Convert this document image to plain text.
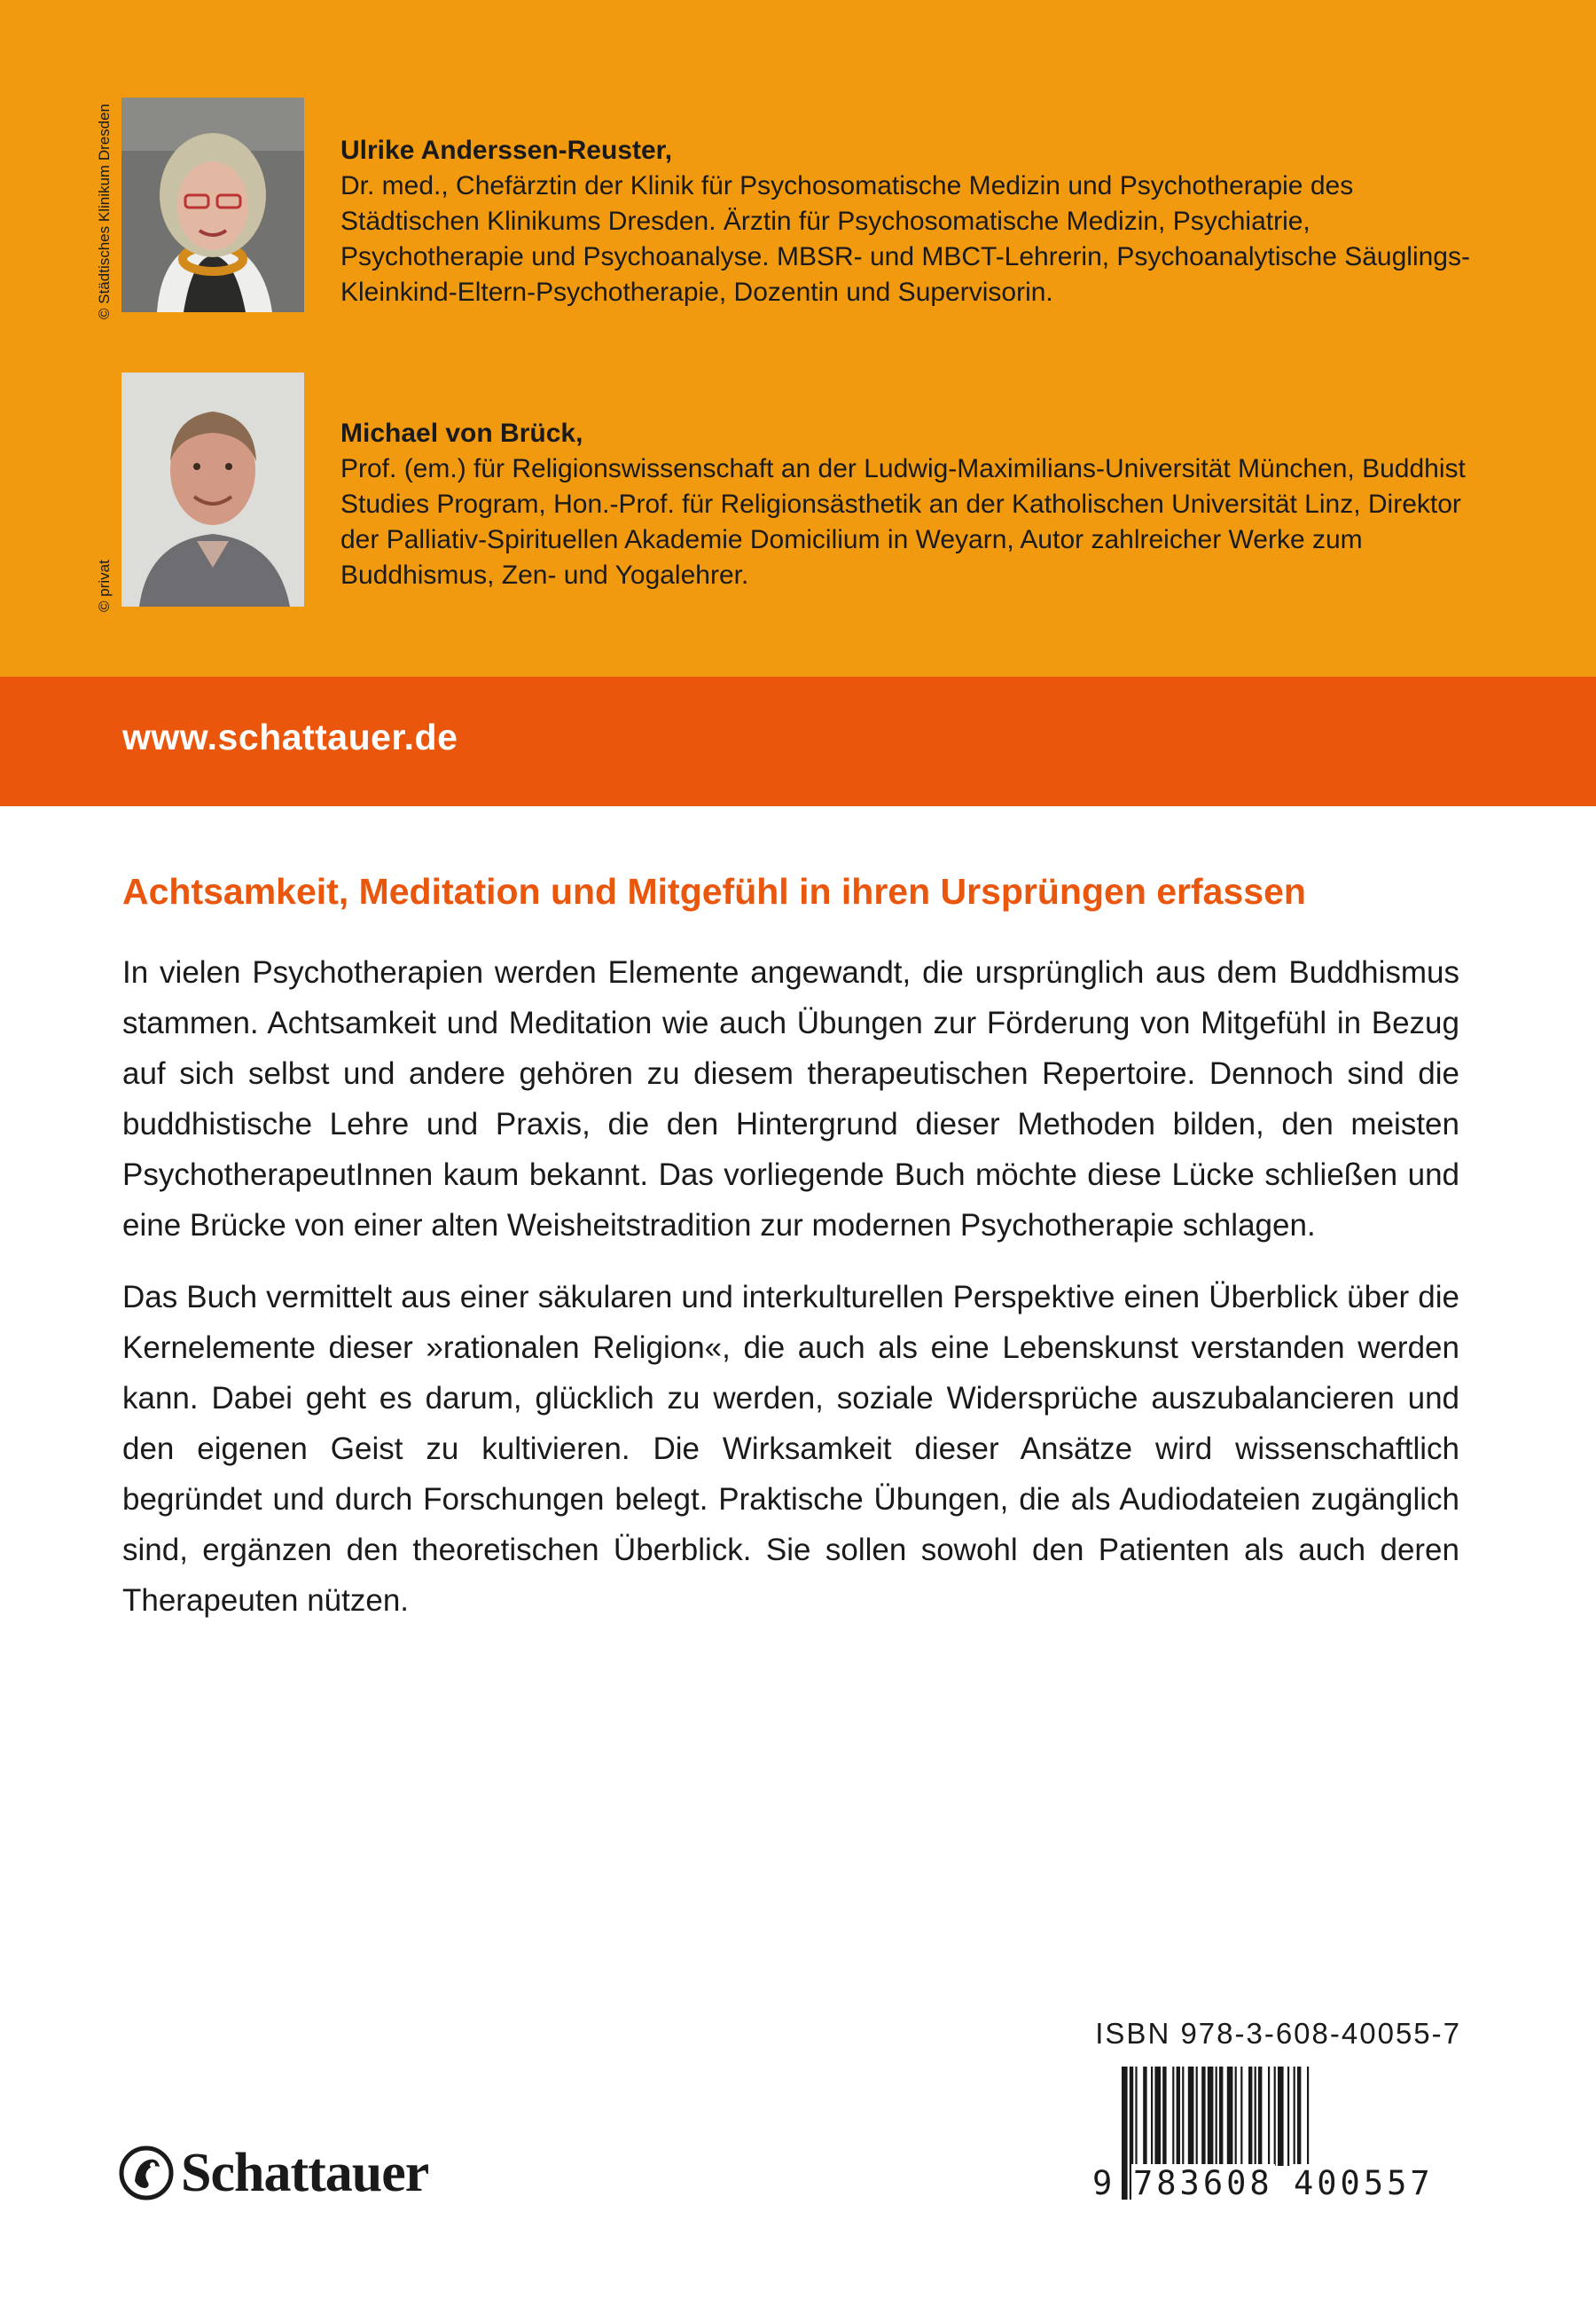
© Städtisches Klinikum Dresden	Ulrike Anderssen-Reuster,
Dr. med., Chefärztin der Klinik für Psychosomatische Medizin und Psychotherapie des Städtischen Klinikums Dresden. Ärztin für Psychosomatische Medizin, Psychiatrie, Psychotherapie und Psychoanalyse. MBSR- und MBCT-Lehrerin, Psychoanalytische Säuglings-Kleinkind-Eltern-Psychotherapie, Dozentin und Supervisorin.
© privat
Michael von Brück,
Prof. (em.) für Religionswissenschaft an der Ludwig-Maximilians-Universität München, Buddhist Studies Program, Hon.-Prof. für Religionsästhetik an der Katholischen Universität Linz, Direktor der Palliativ-Spirituellen Akademie Domicilium in Weyarn, Autor zahlreicher Werke zum Buddhismus, Zen- und Yogalehrer.
www.schattauer.de
Achtsamkeit, Meditation und Mitgefühl in ihren Ursprüngen erfassen

In vielen Psychotherapien werden Elemente angewandt, die ursprünglich aus dem Buddhismus stammen. Achtsamkeit und Meditation wie auch Übungen zur Förderung von Mitgefühl in Bezug auf sich selbst und andere gehören zu diesem therapeutischen Repertoire. Dennoch sind die buddhistische Lehre und Praxis, die den Hintergrund dieser Methoden bilden, den meisten PsychotherapeutInnen kaum bekannt. Das vorliegende Buch möchte diese Lücke schließen und eine Brücke von einer alten Weisheitstradition zur modernen Psychotherapie schlagen.

Das Buch vermittelt aus einer säkularen und interkulturellen Perspektive einen Überblick über die Kernelemente dieser »rationalen Religion«, die auch als eine Lebenskunst verstanden werden kann. Dabei geht es darum, glücklich zu werden, soziale Widersprüche auszubalancieren und den eigenen Geist zu kultivieren. Die Wirksamkeit dieser Ansätze wird wissenschaftlich begründet und durch Forschungen belegt. Praktische Übungen, die als Audiodateien zugänglich sind, ergänzen den theoretischen Überblick. Sie sollen sowohl den Patienten als auch deren Therapeuten nützen.

ISBN 978-3-608-40055-7
9 783608 400557
Schattauer
